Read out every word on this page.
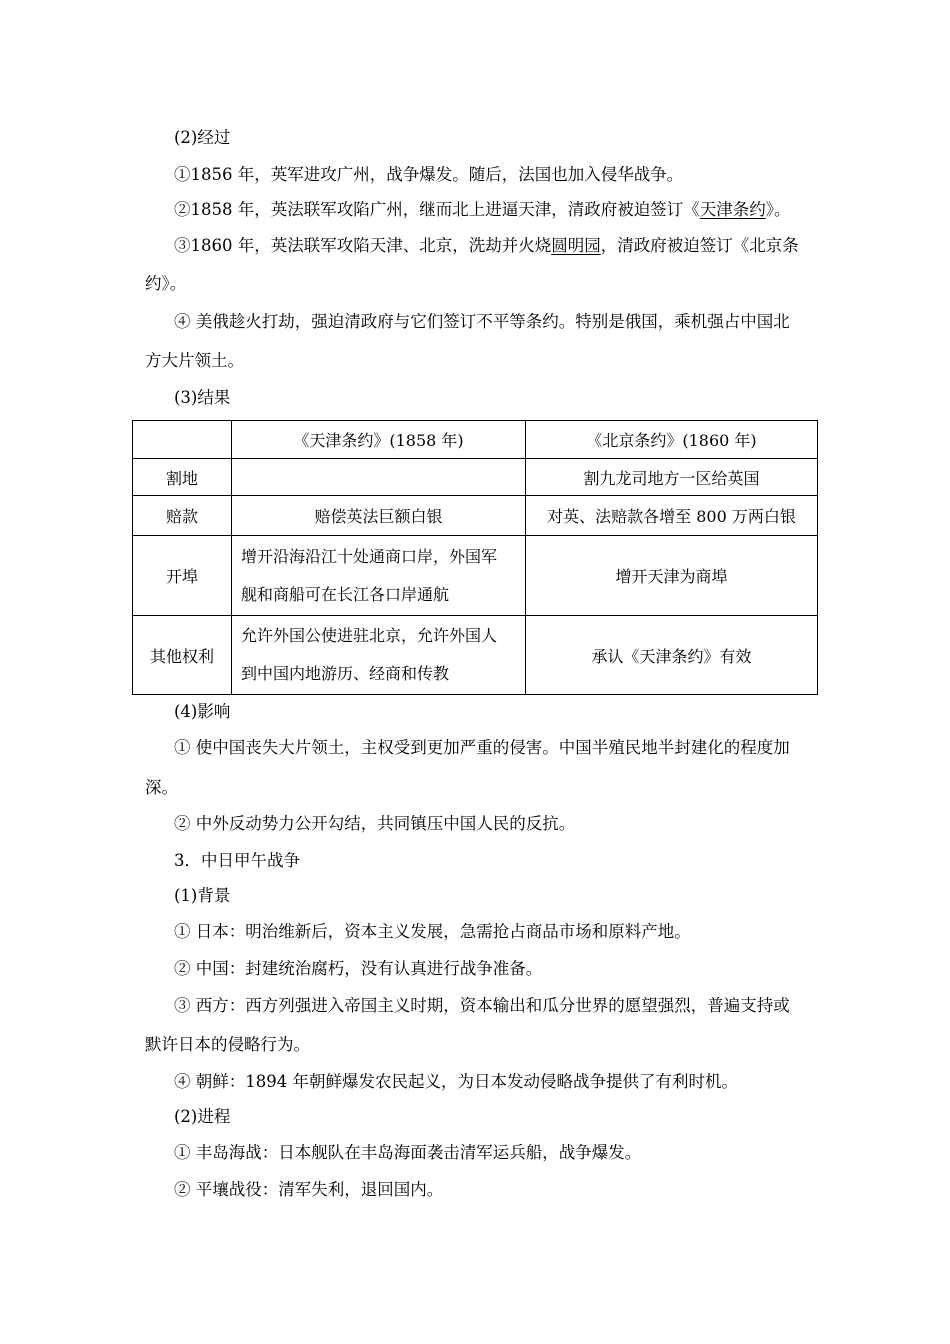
(2)经过
①1856 年，英军进攻广州，战争爆发。随后，法国也加入侵华战争。
②1858 年，英法联军攻陷广州，继而北上进逼天津，清政府被迫签订《天津条约》。
③1860 年，英法联军攻陷天津、北京，洗劫并火烧圆明园，清政府被迫签订《北京条
约》。
④ 美俄趁火打劫，强迫清政府与它们签订不平等条约。特别是俄国，乘机强占中国北
方大片领土。
(3)结果
	《天津条约》(1858 年)	《北京条约》(1860 年)
割地		割九龙司地方一区给英国
赔款	赔偿英法巨额白银	对英、法赔款各增至 800 万两白银
开埠	增开沿海沿江十处通商口岸，外国军
舰和商船可在长江各口岸通航	增开天津为商埠
其他权利	允许外国公使进驻北京，允许外国人
到中国内地游历、经商和传教	承认《天津条约》有效
(4)影响
① 使中国丧失大片领土，主权受到更加严重的侵害。中国半殖民地半封建化的程度加
深。
② 中外反动势力公开勾结，共同镇压中国人民的反抗。
3．中日甲午战争
(1)背景
① 日本：明治维新后，资本主义发展，急需抢占商品市场和原料产地。
② 中国：封建统治腐朽，没有认真进行战争准备。
③ 西方：西方列强进入帝国主义时期，资本输出和瓜分世界的愿望强烈，普遍支持或
默许日本的侵略行为。
④ 朝鲜：1894 年朝鲜爆发农民起义，为日本发动侵略战争提供了有利时机。
(2)进程
① 丰岛海战：日本舰队在丰岛海面袭击清军运兵船，战争爆发。
② 平壤战役：清军失利，退回国内。
